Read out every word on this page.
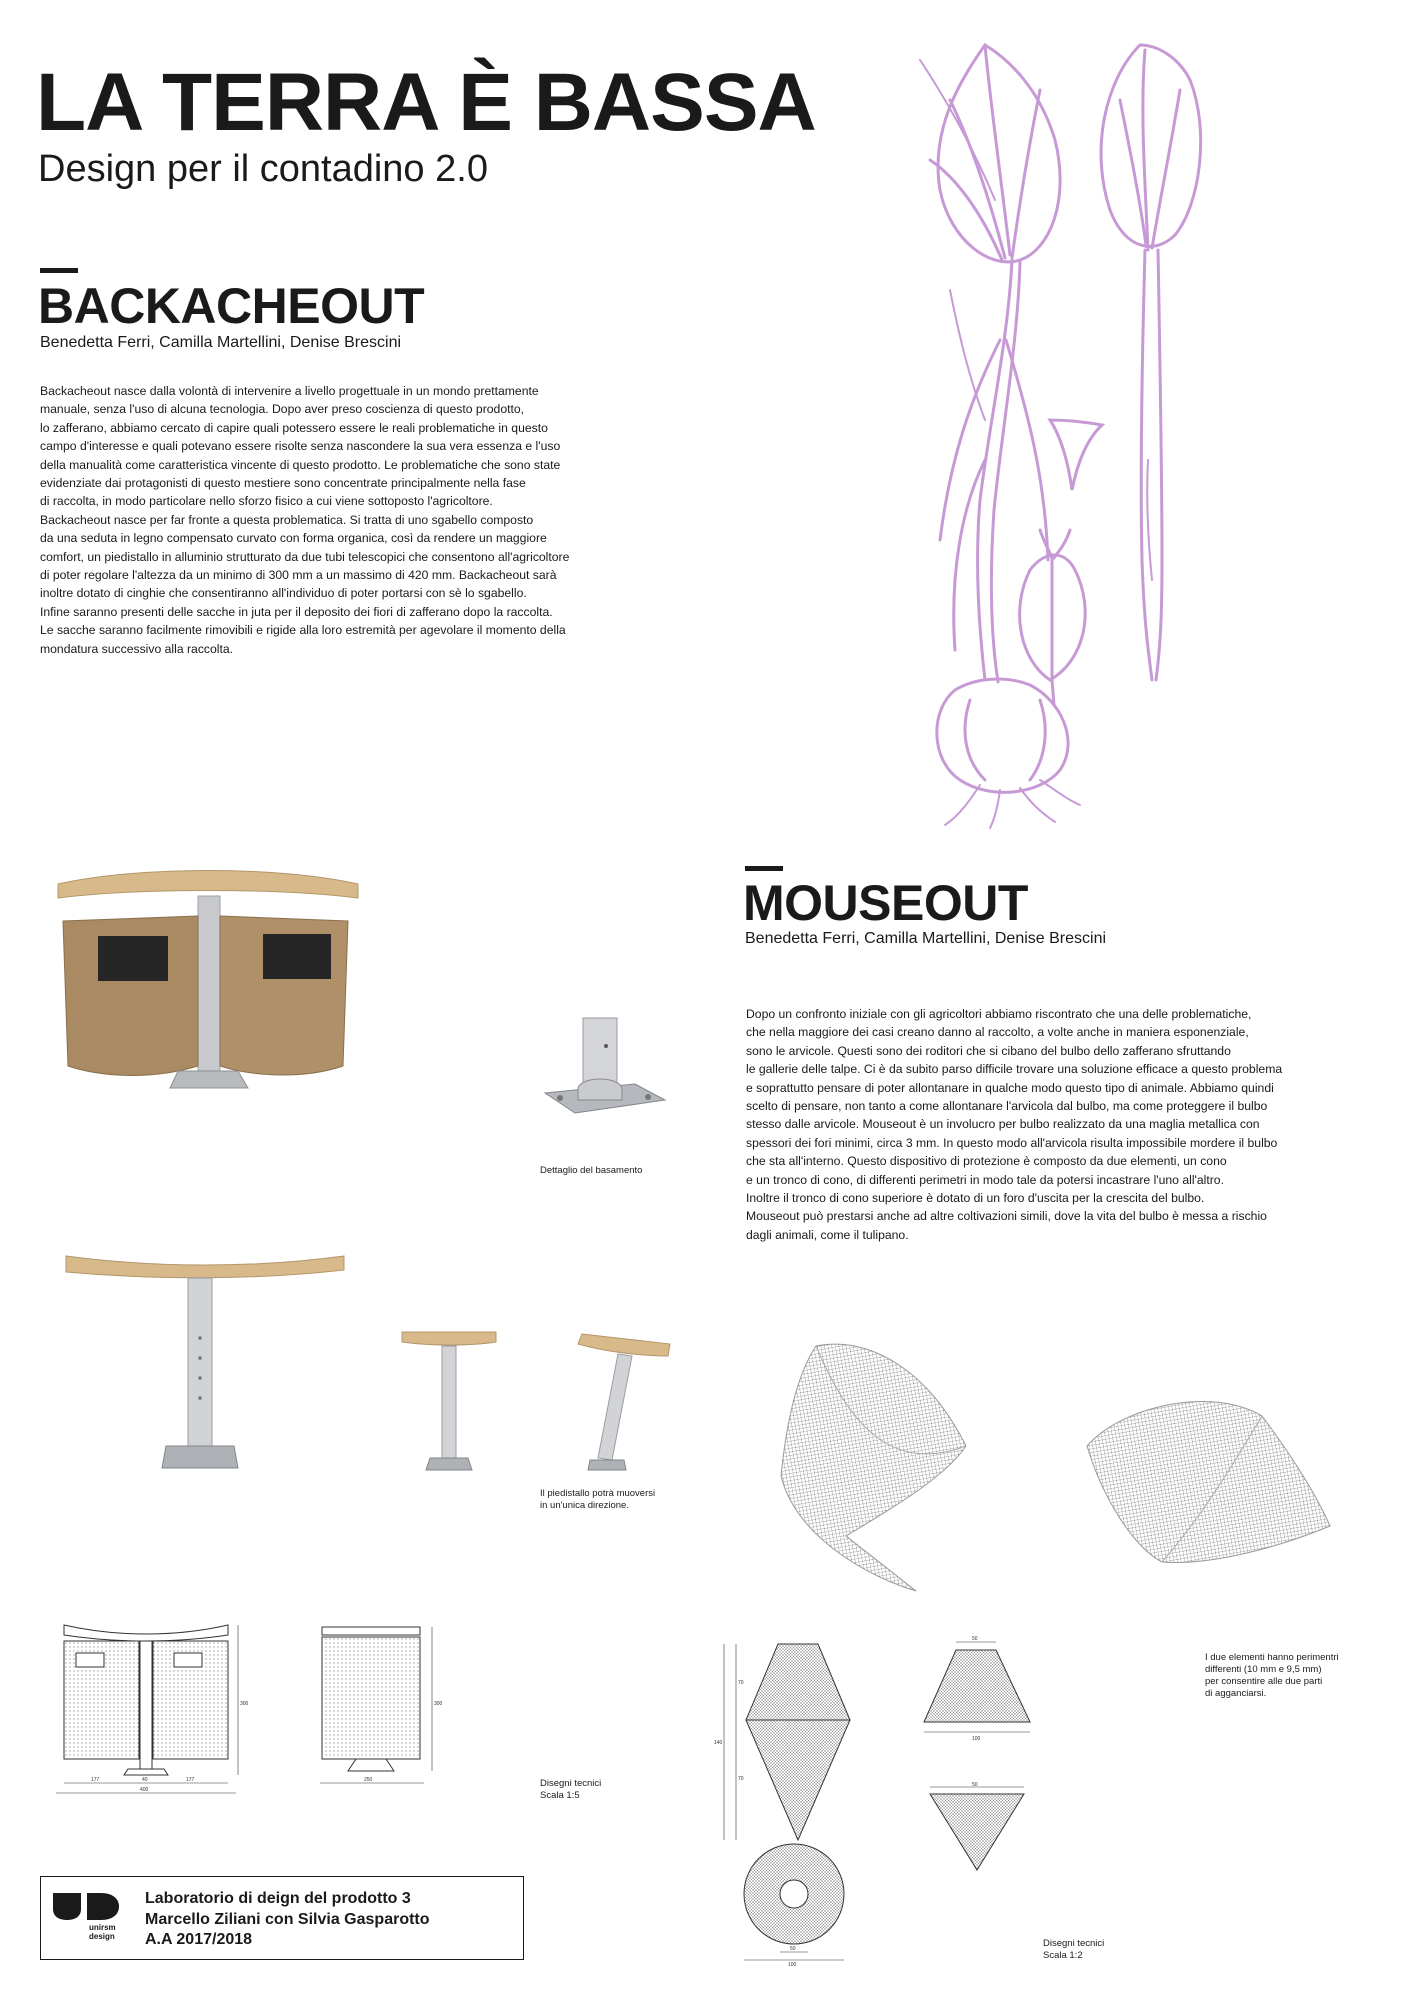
LA TERRA È BASSA
Design per il contadino 2.0
BACKACHEOUT
Benedetta Ferri, Camilla Martellini, Denise Brescini
Backacheout nasce dalla volontà di intervenire a livello progettuale in un mondo prettamente
manuale, senza l'uso di alcuna tecnologia. Dopo aver preso coscienza di questo prodotto,
lo zafferano, abbiamo cercato di capire quali potessero essere le reali problematiche in questo
campo d'interesse e quali potevano essere risolte senza nascondere la sua vera essenza e l'uso
della manualità come caratteristica vincente di questo prodotto. Le problematiche che sono state
evidenziate dai protagonisti di questo mestiere sono concentrate principalmente nella fase
di raccolta, in modo particolare nello sforzo fisico a cui viene sottoposto l'agricoltore.
Backacheout nasce per far fronte a questa problematica. Si tratta di uno sgabello composto
da una seduta in legno compensato curvato con forma organica, così da rendere un maggiore
comfort, un piedistallo in alluminio strutturato da due tubi telescopici che consentono all'agricoltore
di poter regolare l'altezza da un minimo di 300 mm a un massimo di 420 mm. Backacheout sarà
inoltre dotato di cinghie che consentiranno all'individuo di poter portarsi con sè lo sgabello.
Infine saranno presenti delle sacche in juta per il deposito dei fiori di zafferano dopo la raccolta.
Le sacche saranno facilmente rimovibili e rigide alla loro estremità per agevolare il momento della
mondatura successivo alla raccolta.
Dettaglio del basamento
Il piedistallo potrà muoversi
in un'unica direzione.
177	40	177
400
300
250
300
Disegni tecnici
Scala 1:5
MOUSEOUT
Benedetta Ferri, Camilla Martellini, Denise Brescini
Dopo un confronto iniziale con gli agricoltori abbiamo riscontrato che una delle problematiche,
che nella maggiore dei casi creano danno al raccolto, a volte anche in maniera esponenziale,
sono le arvicole. Questi sono dei roditori che si cibano del bulbo dello zafferano sfruttando
le gallerie delle talpe. Ci è da subito parso difficile trovare una soluzione efficace a questo problema
e soprattutto pensare di poter allontanare in qualche modo questo tipo di animale. Abbiamo quindi
scelto di pensare, non tanto a come allontanare l'arvicola dal bulbo, ma come proteggere il bulbo
stesso dalle arvicole. Mouseout è un involucro per bulbo realizzato da una maglia metallica con
spessori dei fori minimi, circa 3 mm. In questo modo all'arvicola risulta impossibile mordere il bulbo
che sta all'interno. Questo dispositivo di protezione è composto da due elementi, un cono
e un tronco di cono, di differenti perimetri in modo tale da potersi incastrare l'uno all'altro.
Inoltre il tronco di cono superiore è dotato di un foro d'uscita per la crescita del bulbo.
Mouseout può prestarsi anche ad altre coltivazioni simili, dove la vita del bulbo è messa a rischio
dagli animali, come il tulipano.
I due elementi hanno perimentri
differenti (10 mm e 9,5 mm)
per consentire alle due parti
di agganciarsi.
70
70
140
50
100
50
50
100
Disegni tecnici
Scala 1:2
unirsm
design
Laboratorio di deign del prodotto 3
Marcello Ziliani con Silvia Gasparotto
A.A 2017/2018
